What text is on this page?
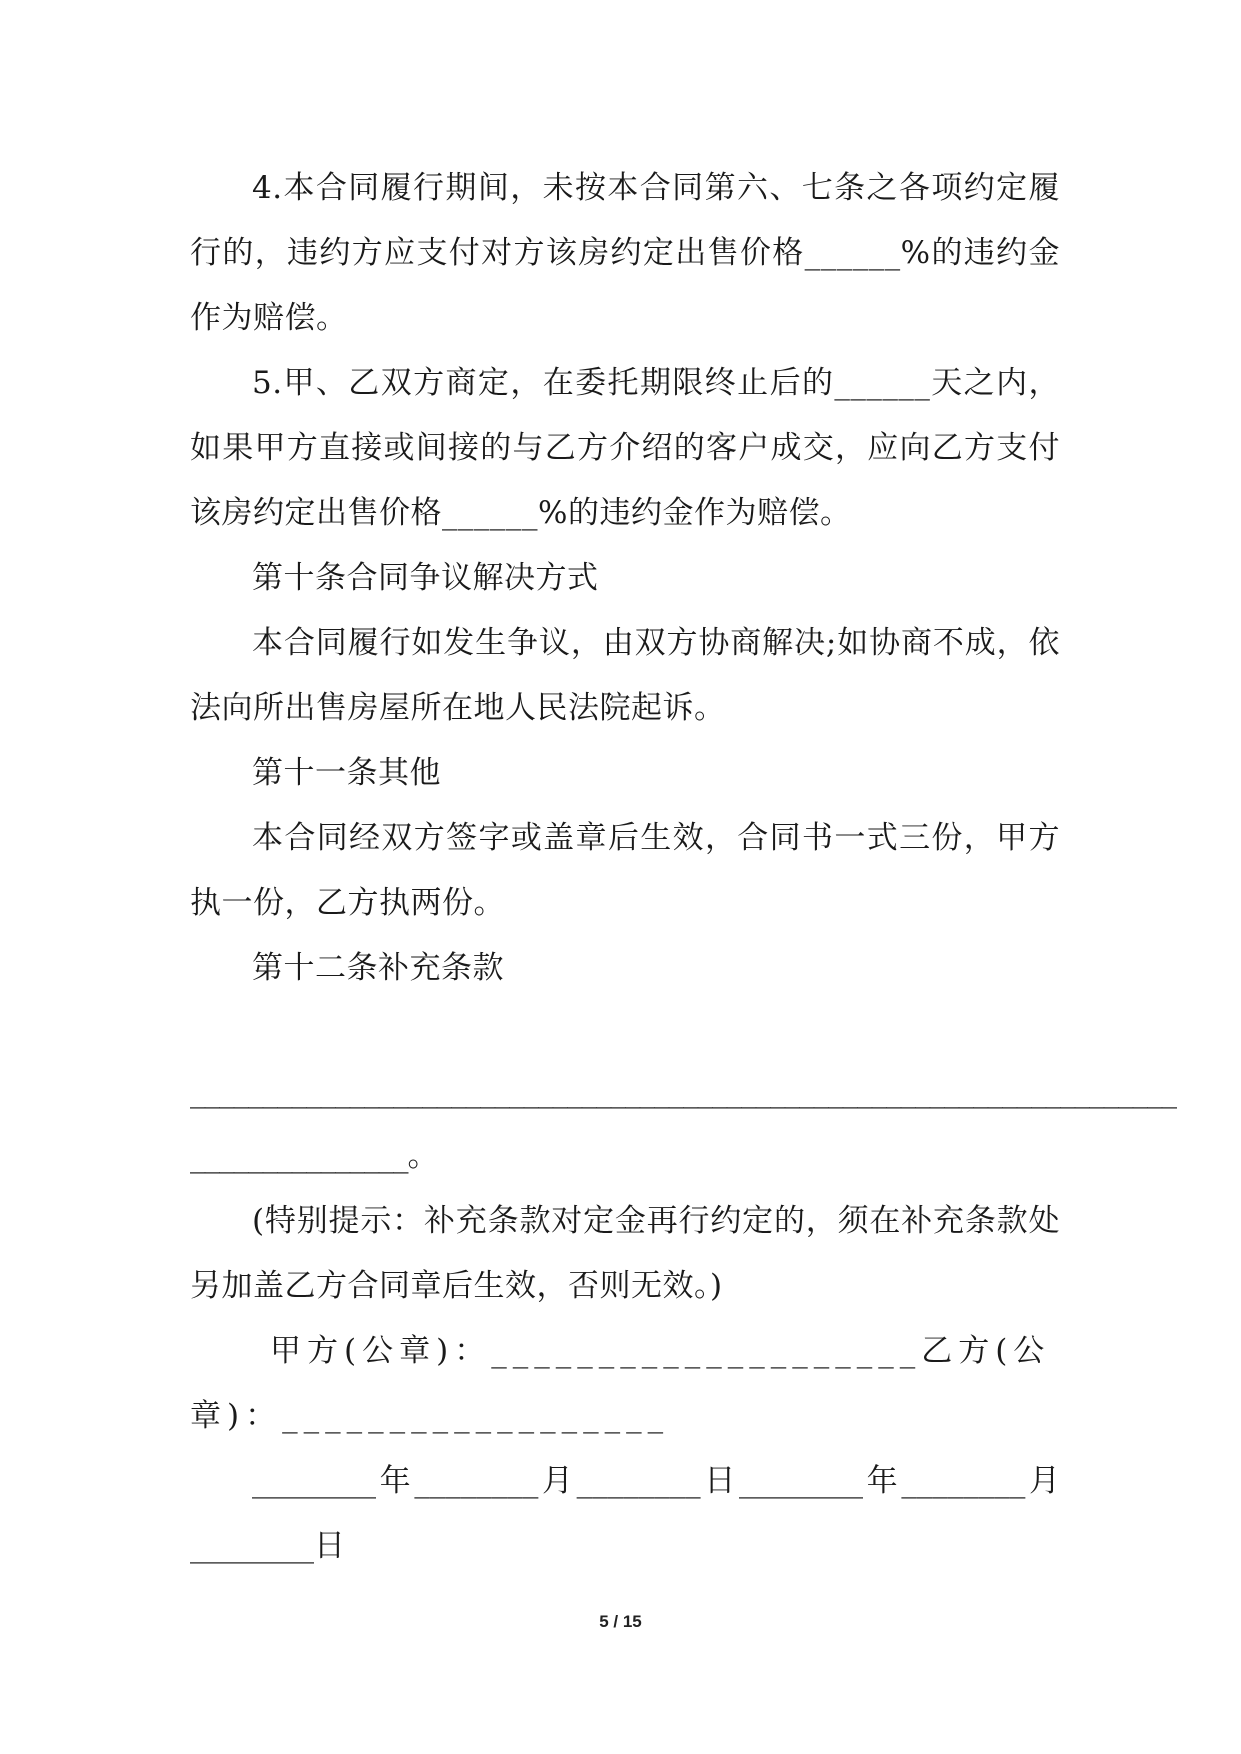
4.本合同履行期间，未按本合同第六、七条之各项约定履行的，违约方应支付对方该房约定出售价格______%的违约金作为赔偿。

5.甲、乙双方商定，在委托期限终止后的______天之内，如果甲方直接或间接的与乙方介绍的客户成交，应向乙方支付该房约定出售价格______%的违约金作为赔偿。

第十条合同争议解决方式

本合同履行如发生争议，由双方协商解决;如协商不成，依法向所出售房屋所在地人民法院起诉。

第十一条其他

本合同经双方签字或盖章后生效，合同书一式三份，甲方执一份，乙方执两份。

第十二条补充条款

____________________________________________________________________

_______________。

(特别提示：补充条款对定金再行约定的，须在补充条款处另加盖乙方合同章后生效，否则无效。)

甲方(公章)：____________________乙方(公章)：__________________

________年________月________日________年________月________日

5 / 15
